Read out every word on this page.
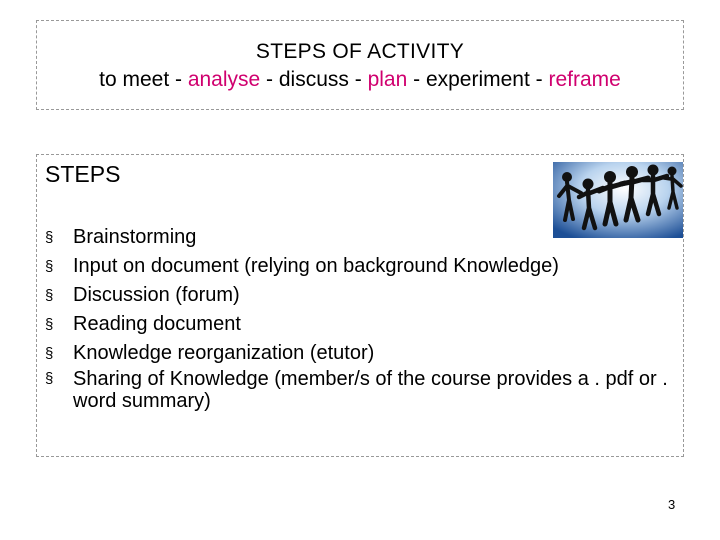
STEPS OF ACTIVITY
to meet - analyse - discuss - plan - experiment - reframe
STEPS
§ Brainstorming
§ Input on document (relying on background Knowledge)
§ Discussion (forum)
§ Reading document
§ Knowledge reorganization (etutor)
§ Sharing of Knowledge (member/s of the course provides a . pdf or . word summary)
3
